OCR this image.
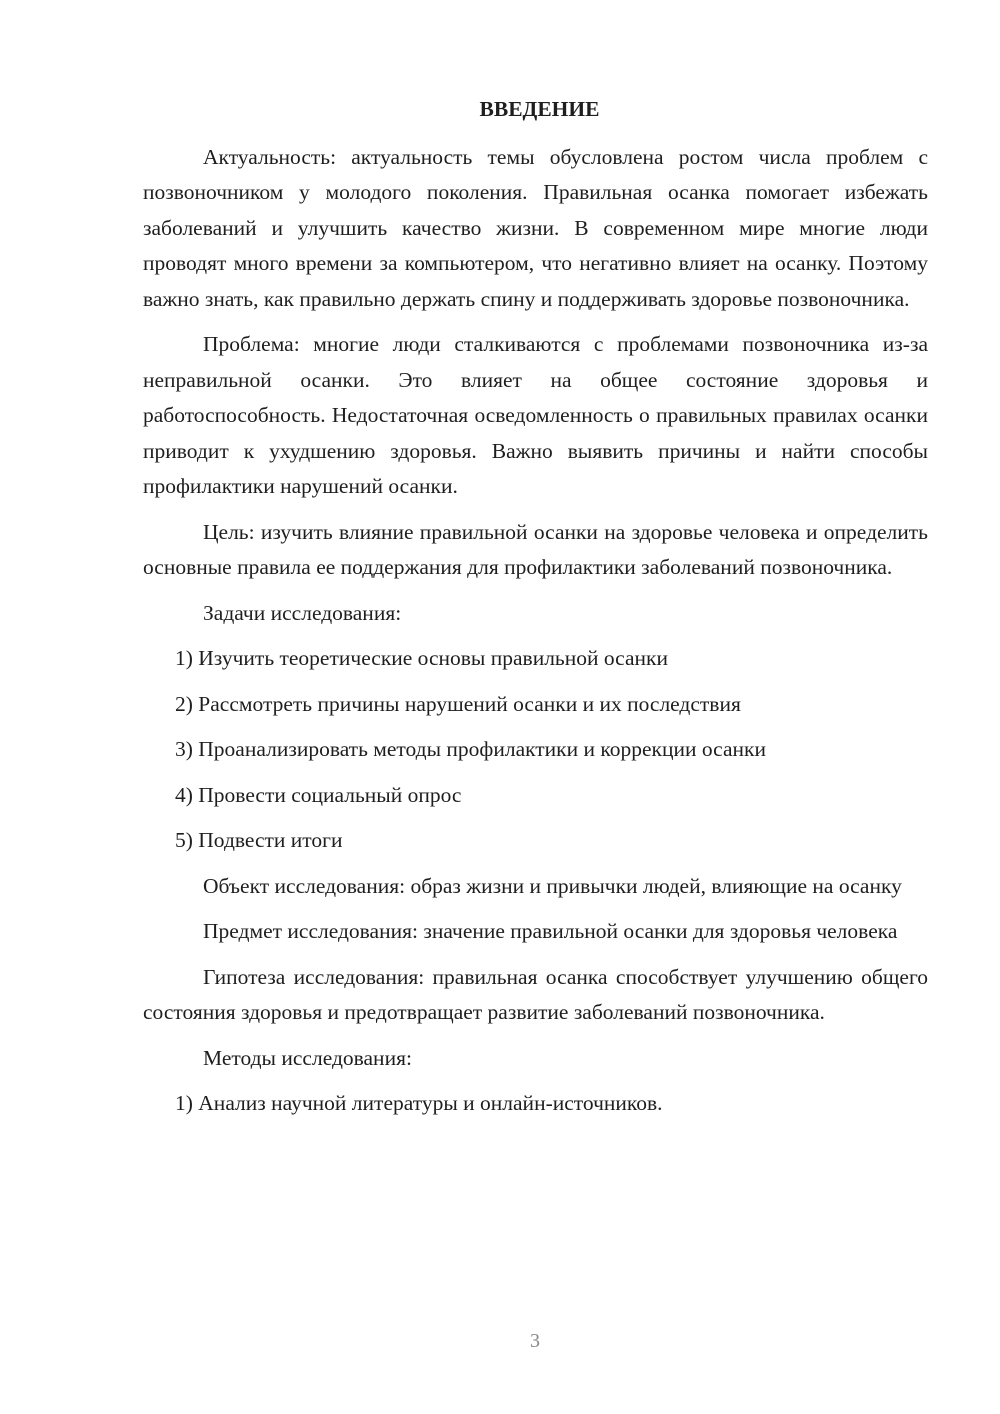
ВВЕДЕНИЕ

Актуальность: актуальность темы обусловлена ростом числа проблем с позвоночником у молодого поколения. Правильная осанка помогает избежать заболеваний и улучшить качество жизни. В современном мире многие люди проводят много времени за компьютером, что негативно влияет на осанку. Поэтому важно знать, как правильно держать спину и поддерживать здоровье позвоночника.

Проблема: многие люди сталкиваются с проблемами позвоночника из-за неправильной осанки. Это влияет на общее состояние здоровья и работоспособность. Недостаточная осведомленность о правильных правилах осанки приводит к ухудшению здоровья. Важно выявить причины и найти способы профилактики нарушений осанки.

Цель: изучить влияние правильной осанки на здоровье человека и определить основные правила ее поддержания для профилактики заболеваний позвоночника.

Задачи исследования:

1) Изучить теоретические основы правильной осанки

2) Рассмотреть причины нарушений осанки и их последствия

3) Проанализировать методы профилактики и коррекции осанки

4) Провести социальный опрос

5) Подвести итоги

Объект исследования: образ жизни и привычки людей, влияющие на осанку

Предмет исследования: значение правильной осанки для здоровья человека

Гипотеза исследования: правильная осанка способствует улучшению общего состояния здоровья и предотвращает развитие заболеваний позвоночника.

Методы исследования:

1) Анализ научной литературы и онлайн-источников.

3
